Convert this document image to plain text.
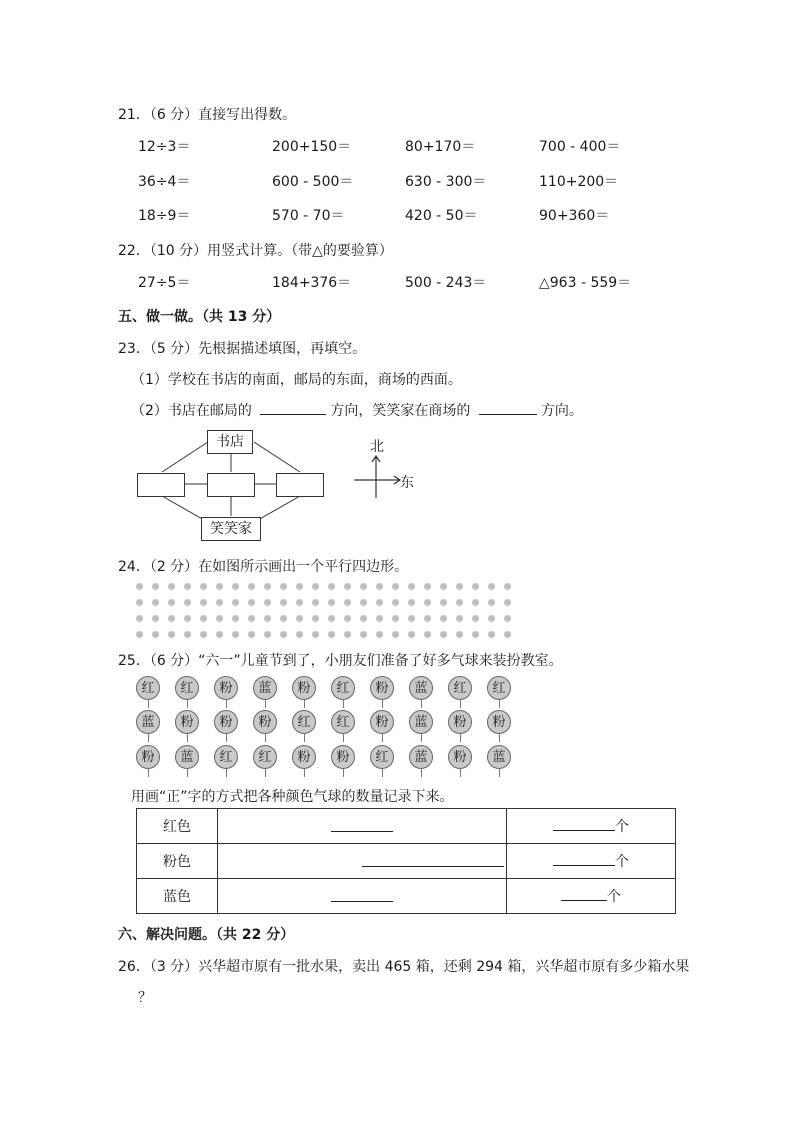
21．（6 分）直接写出得数。
12÷3＝	200+150＝	80+170＝	700 - 400＝
36÷4＝	600 - 500＝	630 - 300＝	110+200＝
18÷9＝	570 - 70＝	420 - 50＝	90+360＝
22．（10 分）用竖式计算。（带△的要验算）
27÷5＝	184+376＝	500 - 243＝	△963 - 559＝
五、做一做。（共 13 分）
23．（5 分）先根据描述填图，再填空。
（1）学校在书店的南面，邮局的东面，商场的西面。
（2）书店在邮局的	方向，笑笑家在商场的	方向。
书店
笑笑家
北
东
24．（2 分）在如图所示画出一个平行四边形。
25．（6 分）“六一”儿童节到了，小朋友们准备了好多气球来装扮教室。
红	红	粉	蓝	粉	红	粉	蓝	红	红
蓝	粉	粉	粉	红	红	粉	蓝	粉	粉
粉	蓝	红	红	粉	粉	红	蓝	粉	蓝
用画“正”字的方式把各种颜色气球的数量记录下来。
红色		个
粉色		个
蓝色		个
六、解决问题。（共 22 分）
26．（3 分）兴华超市原有一批水果，卖出 465 箱，还剩 294 箱，兴华超市原有多少箱水果
？
